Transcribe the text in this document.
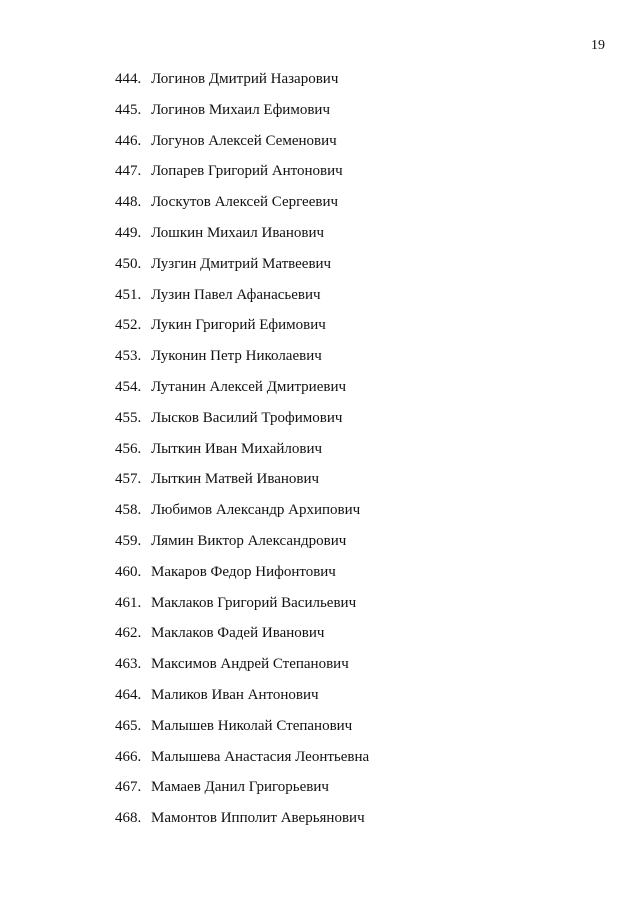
19
444. Логинов Дмитрий Назарович
445. Логинов Михаил Ефимович
446. Логунов Алексей Семенович
447. Лопарев Григорий Антонович
448. Лоскутов Алексей Сергеевич
449. Лошкин Михаил Иванович
450. Лузгин Дмитрий Матвеевич
451. Лузин Павел Афанасьевич
452. Лукин Григорий Ефимович
453. Луконин Петр Николаевич
454. Лутанин Алексей Дмитриевич
455. Лысков Василий Трофимович
456. Лыткин Иван Михайлович
457. Лыткин Матвей Иванович
458. Любимов Александр Архипович
459. Лямин Виктор Александрович
460. Макаров Федор Нифонтович
461. Маклаков Григорий Васильевич
462. Маклаков Фадей Иванович
463. Максимов Андрей Степанович
464. Маликов Иван Антонович
465. Малышев Николай Степанович
466. Малышева Анастасия Леонтьевна
467. Мамаев Данил Григорьевич
468. Мамонтов Ипполит Аверьянович
